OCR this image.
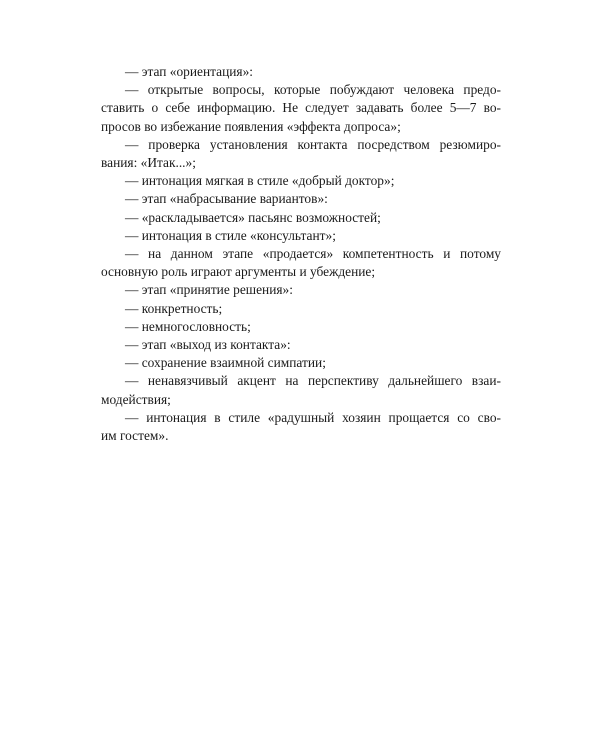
— этап «ориентация»:
— открытые вопросы, которые побуждают человека предо-
ставить о себе информацию. Не следует задавать более 5—7 во-
просов во избежание появления «эффекта допроса»;
— проверка установления контакта посредством резюмиро-
вания: «Итак...»;
— интонация мягкая в стиле «добрый доктор»;
— этап «набрасывание вариантов»:
— «раскладывается» пасьянс возможностей;
— интонация в стиле «консультант»;
— на данном этапе «продается» компетентность и потому
основную роль играют аргументы и убеждение;
— этап «принятие решения»:
— конкретность;
— немногословность;
— этап «выход из контакта»:
— сохранение взаимной симпатии;
— ненавязчивый акцент на перспективу дальнейшего взаи-
модействия;
— интонация в стиле «радушный хозяин прощается со сво-
им гостем».
